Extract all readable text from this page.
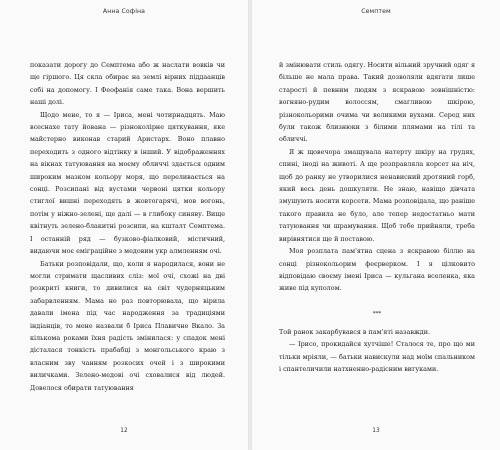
Анна Софіна

показати дорогу до Семптема або ж наслати вовків чи ще гіршого. Ця скла обирає на землі вірних піддаанців собі на допомогу. І Феофанія саме така. Вона вершить наші долі.

Щодо мене, то я — Іриса, мені чотирнадцять. Маю всеснахе тату йована — різноколірне цяткування, яке майстерно виконав старий Аристарх. Воно плавно переходить з одного відтінку в інший. У відображеннях на вікнах татуювання на моєму обличчі здається одним широким мазком кольору моря, що переливається на сонці. Розсипані від вустами червоні цятки кольору стиглої вишні переходять в жовтогарячі, мов вогонь, потім у ніжно-зелені, ще далі — в глибоку синяву. Вище квітнуть зелено-блакитні розсипи, на кшталт Семптема. І останній ряд — бузково-фіалковий, містичний, видаючи моє еміграційне з медовим укр алмленням очі.

Батьки розповідали, що, коли я народилася, вони не могли стримати щасливих сліз: мої очі, схожі на дві розкриті книги, то дивилися на світ чудерняцьким забарвленням. Мама не раз повторювала, що вірила давали імена під час народження за традиціями індіанців, то мене назвали б Іриса Плавичне Вкало. За кількома роками їхня радість змінилася: у спадок мені дісталася тонкість прабабці з монгольського краю з власним зву чанням розкосих очей і з широкими виличками. Зелено-медові очі сховалися від людей. Довелося обирати татуювання

12
Семптем

й змінювати стиль одягу. Носити вільний зручний одяг я більше не мала права. Такий дозволяли вдягати лише старості й певним людям з яскравою зовнішністю: вогняно-рудим волоссям, смагливою шкірою, різнокольорими очима чи великими вухами. Серед них були також близнюки з білими плямами на тілі та обличчі.

Я ж щовечора змащувала натерту шкіру на грудях, спині, іноді на животі. А ще розправляла корсет на ніч, щоб до ранку не утворилися ненависний дротяний горб, який весь день дошкуляти. Не знаю, навіщо дівчата змушують носити корсети. Мама розповідала, що раніше такого правила не було, але тепер недостатньо мати татуювання чи шрамування. Щоб тебе прийняли, треба вирівнятися ще й поставою.

Моя розплата пам'ятна сцена з яскравою біллю на сонці різнокольорим феєрверком. І я цілковито відповідаю своєму імені Іриса — кульгана вселенка, яка живе під куполом.

***

Той ранок закарбувався в пам'яті назавжди.

— Ірисо, прокидайся хутчіше! Сталося те, про що ми тільки мріяли, — батьки навискули над моїм спальником і спантеличили натхненно-радісним вигуками.

13
